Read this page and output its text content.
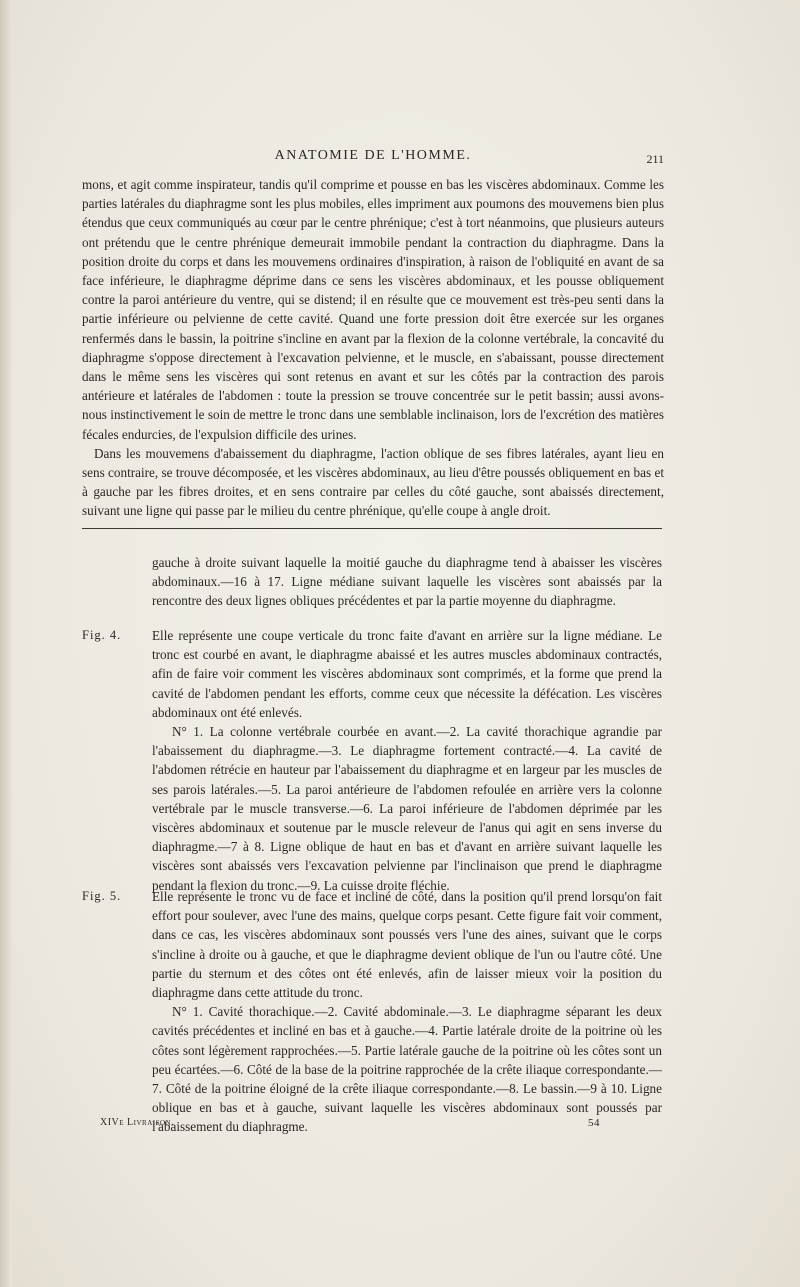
ANATOMIE DE L'HOMME.	211

mons, et agit comme inspirateur, tandis qu'il comprime et pousse en bas les viscères abdominaux. Comme les parties latérales du diaphragme sont les plus mobiles, elles impriment aux poumons des mouvemens bien plus étendus que ceux communiqués au cœur par le centre phrénique; c'est à tort néanmoins, que plusieurs auteurs ont prétendu que le centre phrénique demeurait immobile pendant la contraction du diaphragme. Dans la position droite du corps et dans les mouvemens ordinaires d'inspiration, à raison de l'obliquité en avant de sa face inférieure, le diaphragme déprime dans ce sens les viscères abdominaux, et les pousse obliquement contre la paroi antérieure du ventre, qui se distend; il en résulte que ce mouvement est très-peu senti dans la partie inférieure ou pelvienne de cette cavité. Quand une forte pression doit être exercée sur les organes renfermés dans le bassin, la poitrine s'incline en avant par la flexion de la colonne vertébrale, la concavité du diaphragme s'oppose directement à l'excavation pelvienne, et le muscle, en s'abaissant, pousse directement dans le même sens les viscères qui sont retenus en avant et sur les côtés par la contraction des parois antérieure et latérales de l'abdomen : toute la pression se trouve concentrée sur le petit bassin; aussi avons-nous instinctivement le soin de mettre le tronc dans une semblable inclinaison, lors de l'excrétion des matières fécales endurcies, de l'expulsion difficile des urines.

Dans les mouvemens d'abaissement du diaphragme, l'action oblique de ses fibres latérales, ayant lieu en sens contraire, se trouve décomposée, et les viscères abdominaux, au lieu d'être poussés obliquement en bas et à gauche par les fibres droites, et en sens contraire par celles du côté gauche, sont abaissés directement, suivant une ligne qui passe par le milieu du centre phrénique, qu'elle coupe à angle droit.

gauche à droite suivant laquelle la moitié gauche du diaphragme tend à abaisser les viscères abdominaux.—16 à 17. Ligne médiane suivant laquelle les viscères sont abaissés par la rencontre des deux lignes obliques précédentes et par la partie moyenne du diaphragme.
Fig. 4. Elle représente une coupe verticale du tronc faite d'avant en arrière sur la ligne médiane. Le tronc est courbé en avant, le diaphragme abaissé et les autres muscles abdominaux contractés, afin de faire voir comment les viscères abdominaux sont comprimés, et la forme que prend la cavité de l'abdomen pendant les efforts, comme ceux que nécessite la défécation. Les viscères abdominaux ont été enlevés.

N° 1. La colonne vertébrale courbée en avant.—2. La cavité thorachique agrandie par l'abaissement du diaphragme.—3. Le diaphragme fortement contracté.—4. La cavité de l'abdomen rétrécie en hauteur par l'abaissement du diaphragme et en largeur par les muscles de ses parois latérales.—5. La paroi antérieure de l'abdomen refoulée en arrière vers la colonne vertébrale par le muscle transverse.—6. La paroi inférieure de l'abdomen déprimée par les viscères abdominaux et soutenue par le muscle releveur de l'anus qui agit en sens inverse du diaphragme.—7 à 8. Ligne oblique de haut en bas et d'avant en arrière suivant laquelle les viscères sont abaissés vers l'excavation pelvienne par l'inclinaison que prend le diaphragme pendant la flexion du tronc.—9. La cuisse droite fléchie.

Fig. 5. Elle représente le tronc vu de face et incliné de côté, dans la position qu'il prend lorsqu'on fait effort pour soulever, avec l'une des mains, quelque corps pesant. Cette figure fait voir comment, dans ce cas, les viscères abdominaux sont poussés vers l'une des aines, suivant que le corps s'incline à droite ou à gauche, et que le diaphragme devient oblique de l'un ou l'autre côté. Une partie du sternum et des côtes ont été enlevés, afin de laisser mieux voir la position du diaphragme dans cette attitude du tronc.

N° 1. Cavité thorachique.—2. Cavité abdominale.—3. Le diaphragme séparant les deux cavités précédentes et incliné en bas et à gauche.—4. Partie latérale droite de la poitrine où les côtes sont légèrement rapprochées.—5. Partie latérale gauche de la poitrine où les côtes sont un peu écartées.—6. Côté de la base de la poitrine rapprochée de la crête iliaque correspondante.—7. Côté de la poitrine éloigné de la crête iliaque correspondante.—8. Le bassin.—9 à 10. Ligne oblique en bas et à gauche, suivant laquelle les viscères abdominaux sont poussés par l'abaissement du diaphragme.

XIVe Livraison.	54
